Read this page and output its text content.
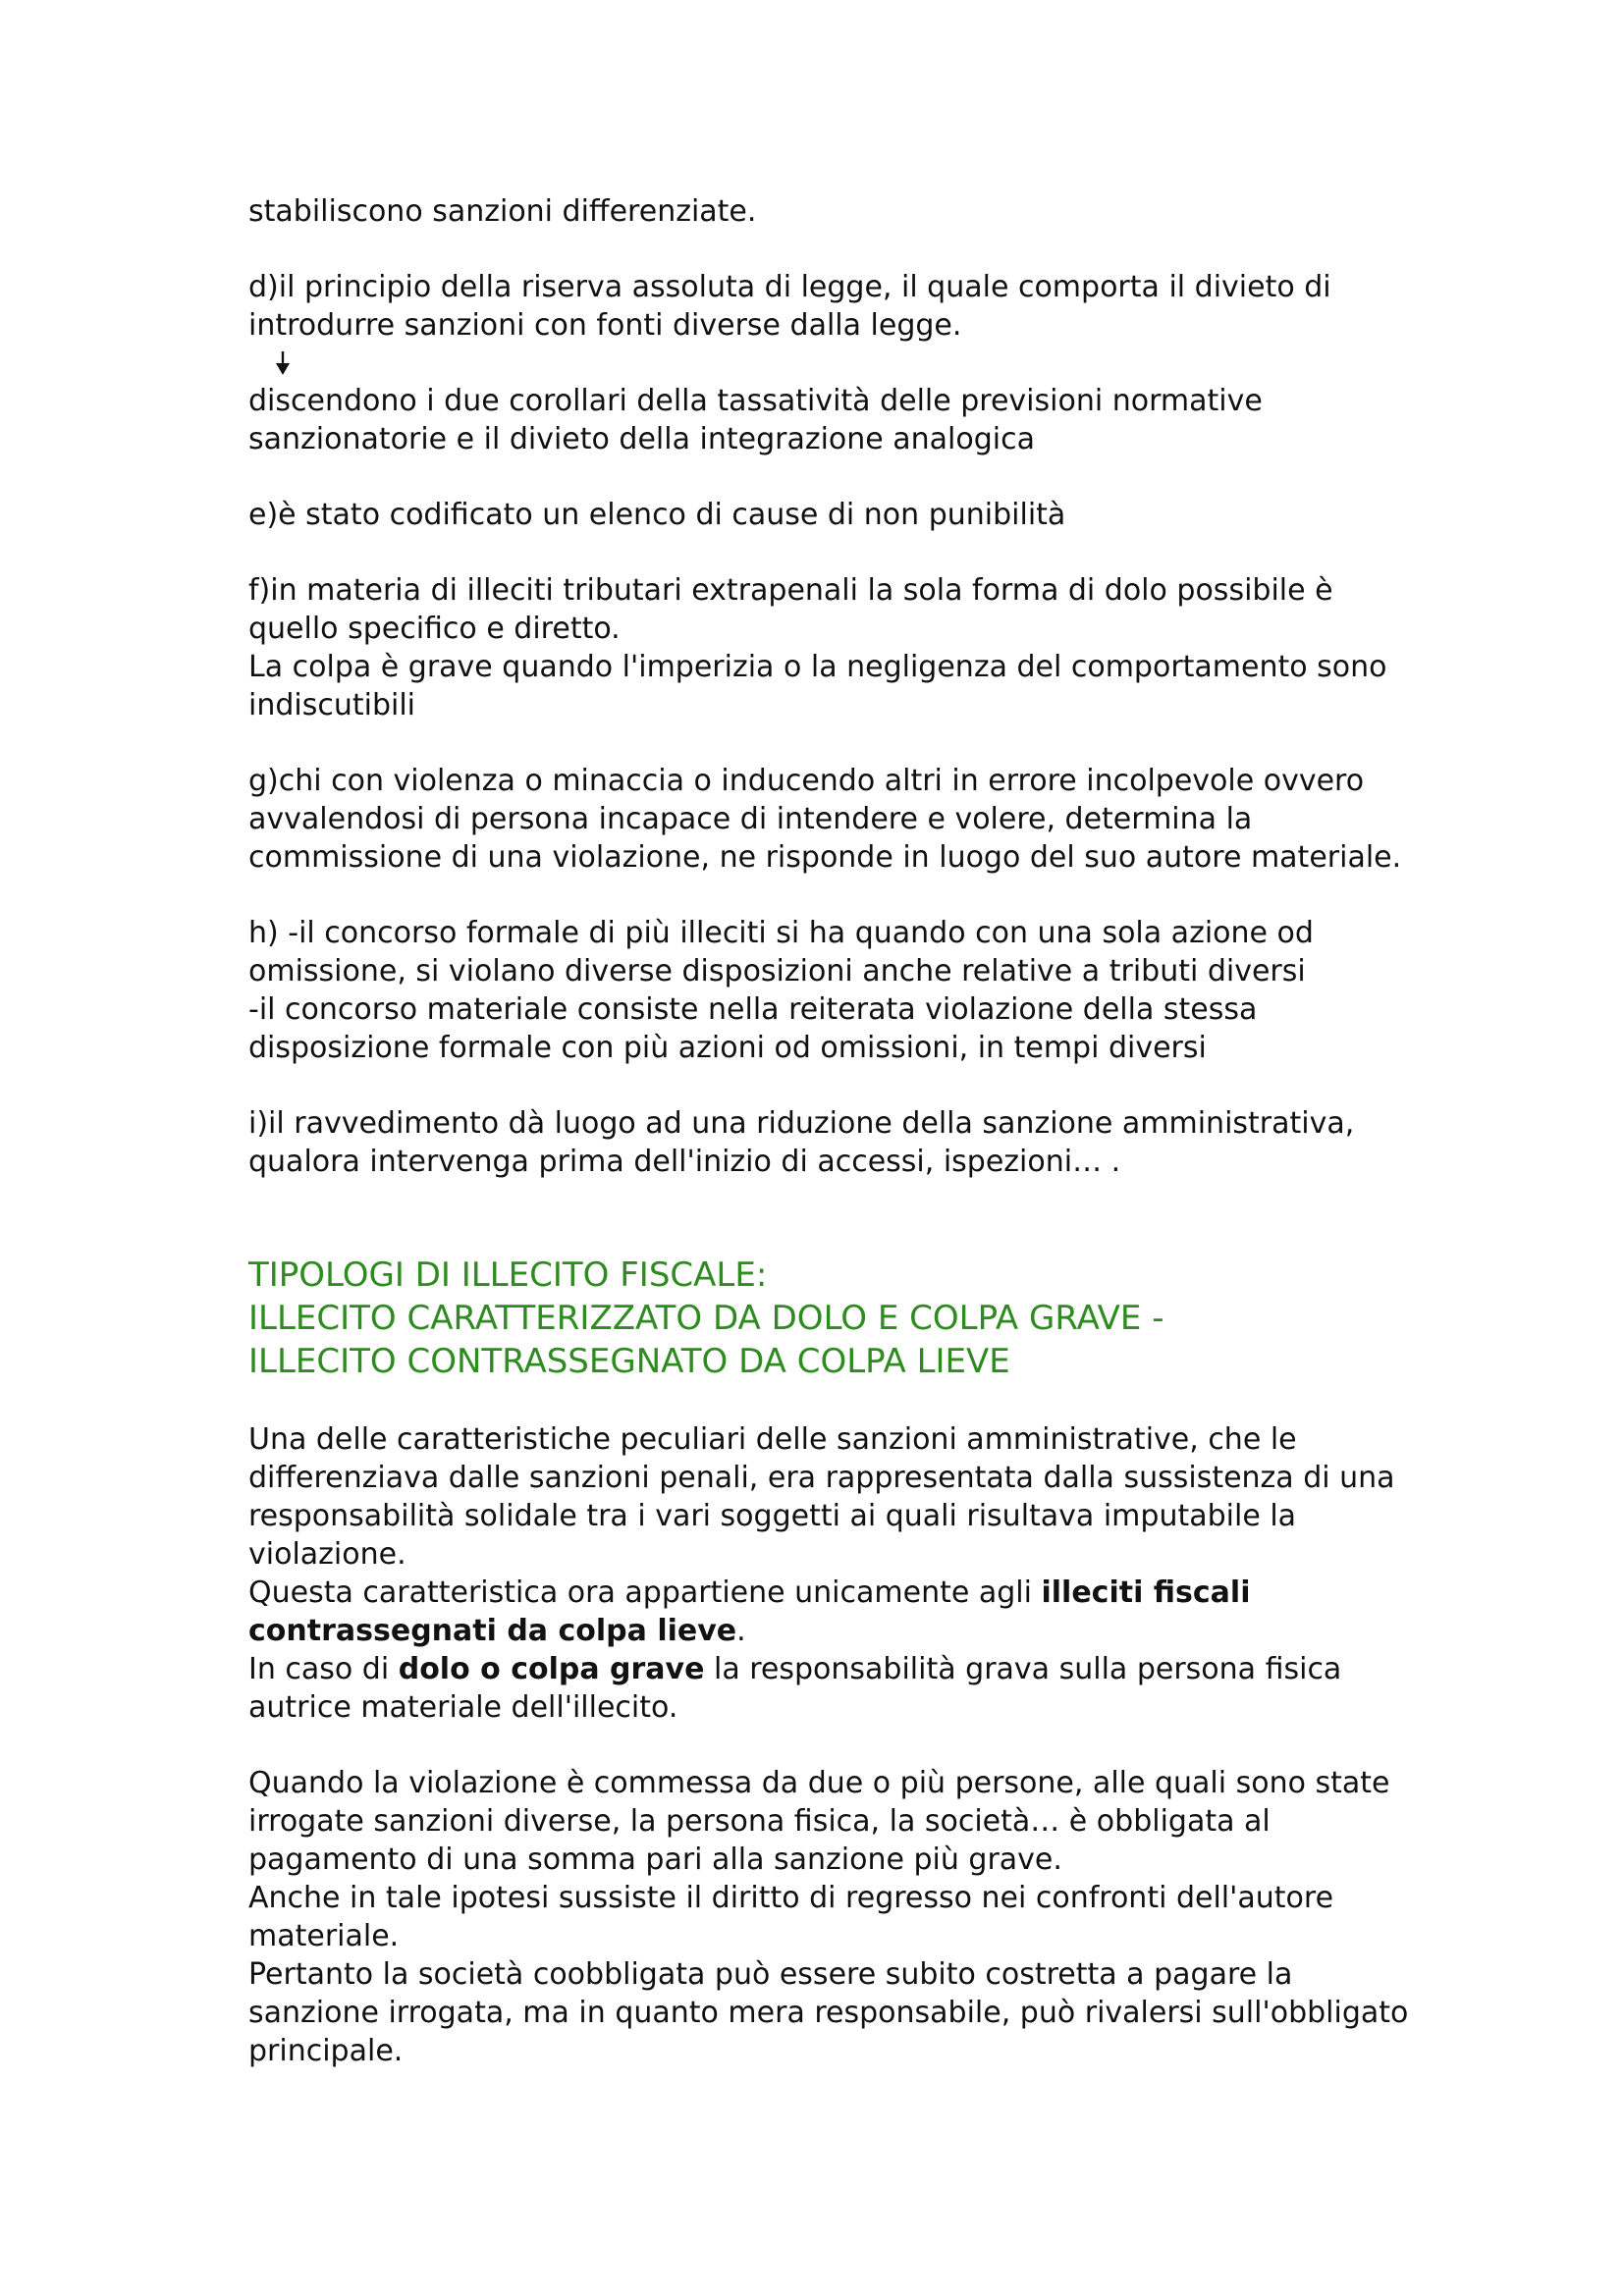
stabiliscono sanzioni differenziate.

d)il principio della riserva assoluta di legge, il quale comporta il divieto di

introdurre sanzioni con fonti diverse dalla legge.

discendono i due corollari della tassatività delle previsioni normative

sanzionatorie e il divieto della integrazione analogica

e)è stato codificato un elenco di cause di non punibilità

f)in materia di illeciti tributari extrapenali la sola forma di dolo possibile è

quello specifico e diretto.

La colpa è grave quando l'imperizia o la negligenza del comportamento sono

indiscutibili

g)chi con violenza o minaccia o inducendo altri in errore incolpevole ovvero

avvalendosi di persona incapace di intendere e volere, determina la

commissione di una violazione, ne risponde in luogo del suo autore materiale.

h) -il concorso formale di più illeciti si ha quando con una sola azione od

omissione, si violano diverse disposizioni anche relative a tributi diversi

-il concorso materiale consiste nella reiterata violazione della stessa

disposizione formale con più azioni od omissioni, in tempi diversi

i)il ravvedimento dà luogo ad una riduzione della sanzione amministrativa,

qualora intervenga prima dell'inizio di accessi, ispezioni… .

TIPOLOGI DI ILLECITO FISCALE:

ILLECITO CARATTERIZZATO DA DOLO E COLPA GRAVE -

ILLECITO CONTRASSEGNATO DA COLPA LIEVE

Una delle caratteristiche peculiari delle sanzioni amministrative, che le

differenziava dalle sanzioni penali, era rappresentata dalla sussistenza di una

responsabilità solidale tra i vari soggetti ai quali risultava imputabile la

violazione.

Questa caratteristica ora appartiene unicamente agli illeciti fiscali

contrassegnati da colpa lieve.

In caso di dolo o colpa grave la responsabilità grava sulla persona fisica

autrice materiale dell'illecito.

Quando la violazione è commessa da due o più persone, alle quali sono state

irrogate sanzioni diverse, la persona fisica, la società… è obbligata al

pagamento di una somma pari alla sanzione più grave.

Anche in tale ipotesi sussiste il diritto di regresso nei confronti dell'autore

materiale.

Pertanto la società coobbligata può essere subito costretta a pagare la

sanzione irrogata, ma in quanto mera responsabile, può rivalersi sull'obbligato

principale.
